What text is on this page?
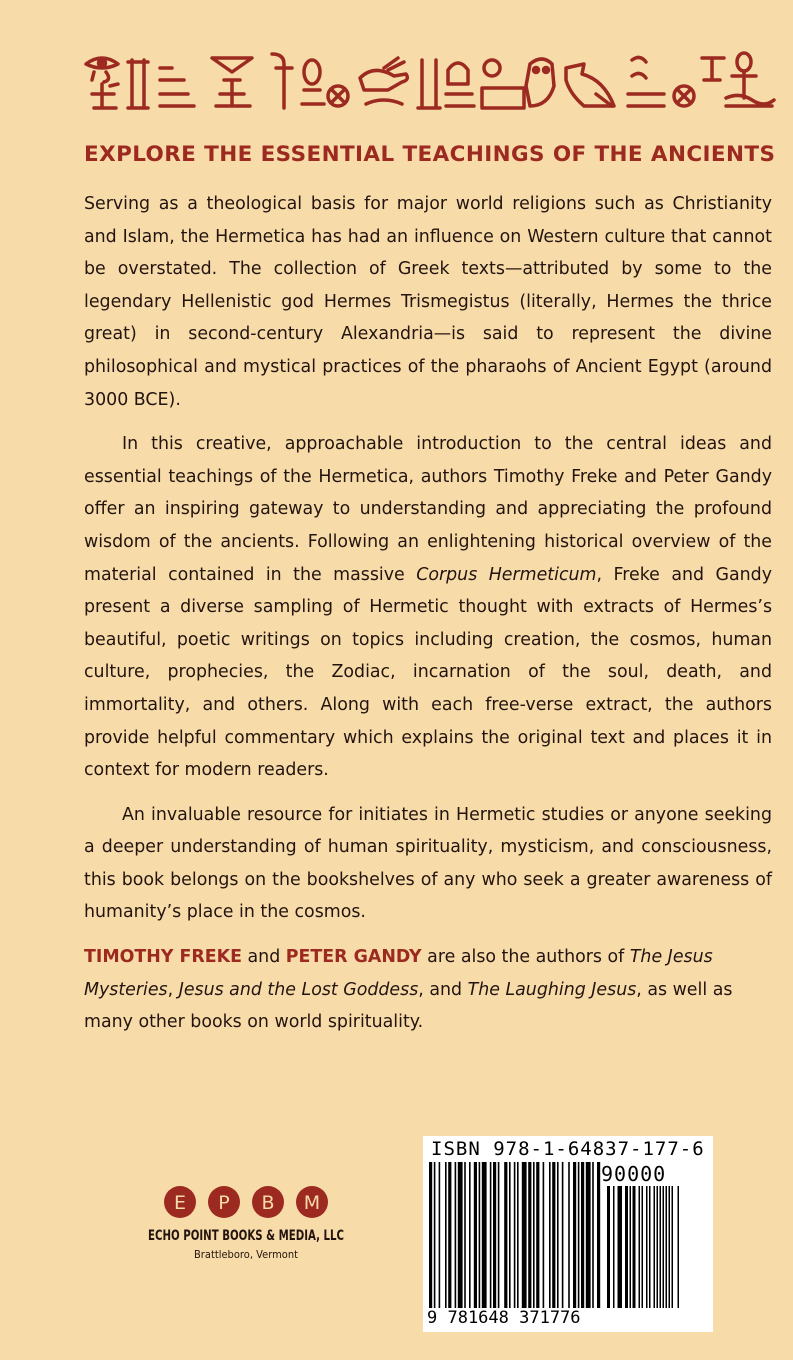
EXPLORE THE ESSENTIAL TEACHINGS OF THE ANCIENTS

Serving as a theological basis for major world religions such as Christianity and Islam, the Hermetica has had an influence on Western culture that cannot be overstated. The collection of Greek texts—attributed by some to the legendary Hellenistic god Hermes Trismegistus (literally, Hermes the thrice great) in second-century Alexandria—is said to represent the divine philosophical and mystical practices of the pharaohs of Ancient Egypt (around 3000 BCE).

In this creative, approachable introduction to the central ideas and essential teachings of the Hermetica, authors Timothy Freke and Peter Gandy offer an inspiring gateway to understanding and appreciating the profound wisdom of the ancients. Following an enlightening historical overview of the material contained in the massive Corpus Hermeticum, Freke and Gandy present a diverse sampling of Hermetic thought with extracts of Hermes’s beautiful, poetic writings on topics including creation, the cosmos, human culture, prophecies, the Zodiac, incarnation of the soul, death, and immortality, and others. Along with each free-verse extract, the authors provide helpful commentary which explains the original text and places it in context for modern readers.

An invaluable resource for initiates in Hermetic studies or anyone seeking a deeper understanding of human spirituality, mysticism, and consciousness, this book belongs on the bookshelves of any who seek a greater awareness of humanity’s place in the cosmos.

TIMOTHY FREKE and PETER GANDY are also the authors of The Jesus Mysteries, Jesus and the Lost Goddess, and The Laughing Jesus, as well as many other books on world spirituality.

E P B M
ECHO POINT BOOKS & MEDIA, LLC
Brattleboro, Vermont
ISBN 978-1-64837-177-6
90000
9 781648 371776
